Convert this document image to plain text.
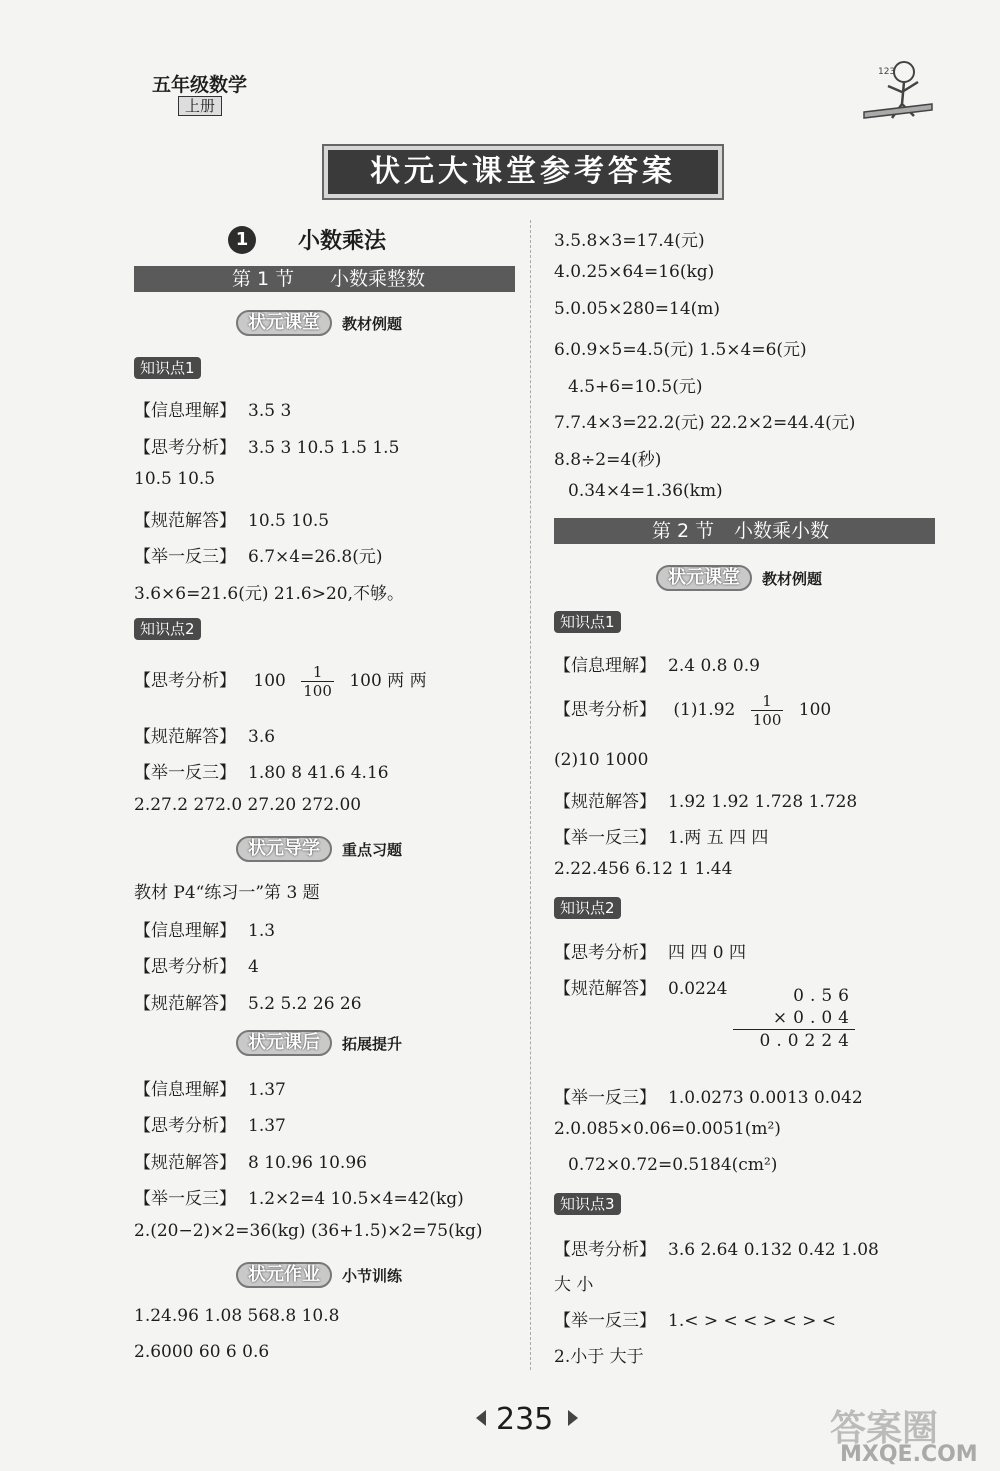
五年级数学
上册
123
状元大课堂参考答案
1	小数乘法
第 1 节 小数乘整数
状元课堂	教材例题
知识点1
【信息理解】 3.5 3
【思考分析】 3.5 3 10.5 1.5 1.5
10.5 10.5
【规范解答】 10.5 10.5
【举一反三】 6.7×4=26.8(元)
3.6×6=21.6(元) 21.6>20,不够。
知识点2
【思考分析】 $100 \frac{1}{100} 100$ 两 两
【规范解答】 3.6
【举一反三】 1.80 8 41.6 4.16
2.27.2 272.0 27.20 272.00
状元导学	重点习题
教材 P4“练习一”第 3 题
【信息理解】 1.3
【思考分析】 4
【规范解答】 5.2 5.2 26 26
状元课后	拓展提升
【信息理解】 1.37
【思考分析】 1.37
【规范解答】 8 10.96 10.96
【举一反三】 1.2×2=4 10.5×4=42(kg)
2.(20−2)×2=36(kg) (36+1.5)×2=75(kg)
状元作业	小节训练
1.24.96 1.08 568.8 10.8
2.6000 60 6 0.6
3.5.8×3=17.4(元)
4.0.25×64=16(kg)
5.0.05×280=14(m)
6.0.9×5=4.5(元) 1.5×4=6(元)
4.5+6=10.5(元)
7.7.4×3=22.2(元) 22.2×2=44.4(元)
8.8÷2=4(秒)
0.34×4=1.36(km)
第 2 节 小数乘小数
状元课堂	教材例题
知识点1
【信息理解】 2.4 0.8 0.9
【思考分析】 $(1)1.92 \frac{1}{100} 100$
(2)10 1000
【规范解答】 1.92 1.92 1.728 1.728
【举一反三】 1.两 五 四 四
2.22.456 6.12 1 1.44
知识点2
【思考分析】 四 四 0 四
【规范解答】 0.0224	0.56
×0.04
0.0224
【举一反三】 1.0.0273 0.0013 0.042
2.0.085×0.06=0.0051(m²)
0.72×0.72=0.5184(cm²)
知识点3
【思考分析】 3.6 2.64 0.132 0.42 1.08
大 小
【举一反三】 1.< > < < > < > <
2.小于 大于
235	答案圈
MXQE.COM
